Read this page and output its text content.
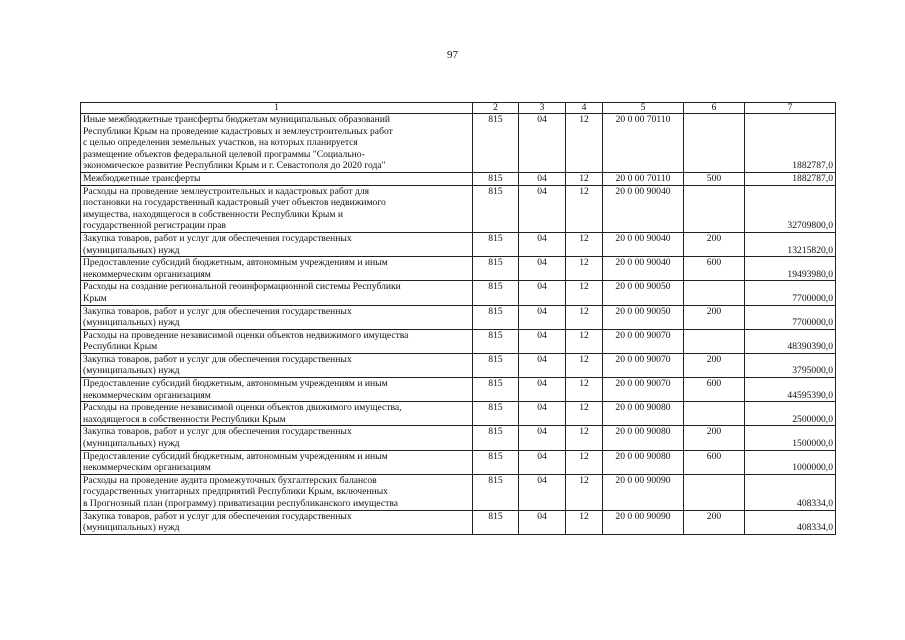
97
1	2	3	4	5	6	7

Иные межбюджетные трансферты бюджетам муниципальных образований
Республики Крым на проведение кадастровых и землеустроительных работ
с целью определения земельных участков, на которых планируется
размещение объектов федеральной целевой программы "Социально-
экономическое развитие Республики Крым и г. Севастополя до 2020 года"	815	04	12	20 0 00 70110		1882787,0

Межбюджетные трансферты	815	04	12	20 0 00 70110	500	1882787,0

Расходы на проведение землеустроительных и кадастровых работ для
постановки на государственный кадастровый учет объектов недвижимого
имущества, находящегося в собственности Республики Крым и
государственной регистрации прав	815	04	12	20 0 00 90040		32709800,0

Закупка товаров, работ и услуг для обеспечения государственных
(муниципальных) нужд	815	04	12	20 0 00 90040	200	13215820,0

Предоставление субсидий бюджетным, автономным учреждениям и иным
некоммерческим организациям	815	04	12	20 0 00 90040	600	19493980,0

Расходы на создание региональной геоинформационной системы Республики
Крым	815	04	12	20 0 00 90050		7700000,0

Закупка товаров, работ и услуг для обеспечения государственных
(муниципальных) нужд	815	04	12	20 0 00 90050	200	7700000,0

Расходы на проведение независимой оценки объектов недвижимого имущества
Республики Крым	815	04	12	20 0 00 90070		48390390,0

Закупка товаров, работ и услуг для обеспечения государственных
(муниципальных) нужд	815	04	12	20 0 00 90070	200	3795000,0

Предоставление субсидий бюджетным, автономным учреждениям и иным
некоммерческим организациям	815	04	12	20 0 00 90070	600	44595390,0

Расходы на проведение независимой оценки объектов движимого имущества,
находящегося в собственности Республики Крым	815	04	12	20 0 00 90080		2500000,0

Закупка товаров, работ и услуг для обеспечения государственных
(муниципальных) нужд	815	04	12	20 0 00 90080	200	1500000,0

Предоставление субсидий бюджетным, автономным учреждениям и иным
некоммерческим организациям	815	04	12	20 0 00 90080	600	1000000,0

Расходы на проведение аудита промежуточных бухгалтерских балансов
государственных унитарных предприятий Республики Крым, включенных
в Прогнозный план (программу) приватизации республиканского имущества	815	04	12	20 0 00 90090		408334,0

Закупка товаров, работ и услуг для обеспечения государственных
(муниципальных) нужд	815	04	12	20 0 00 90090	200	408334,0
